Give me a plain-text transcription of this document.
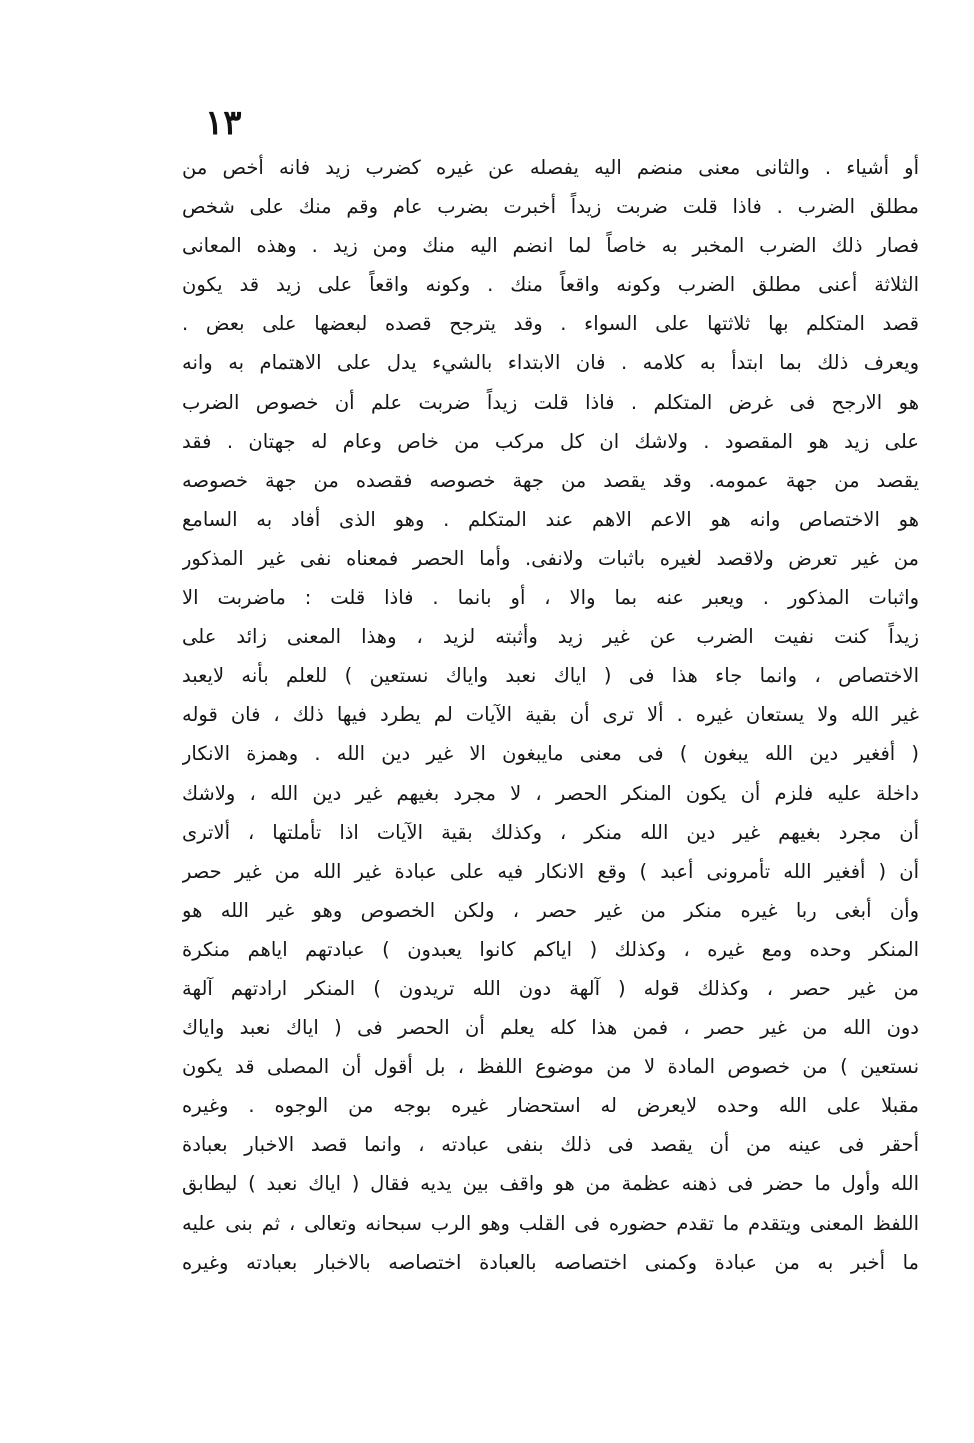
١٣
أو أشياء . والثانى معنى منضم اليه يفصله عن غيره كضرب زيد فانه أخص من
مطلق الضرب . فاذا قلت ضربت زيداً أخبرت بضرب عام وقم منك على شخص
فصار ذلك الضرب المخبر به خاصاً لما انضم اليه منك ومن زيد . وهذه المعانى
الثلاثة أعنى مطلق الضرب وكونه واقعاً منك . وكونه واقعاً على زيد قد يكون
قصد المتكلم بها ثلاثتها على السواء . وقد يترجح قصده لبعضها على بعض .
ويعرف ذلك بما ابتدأ به كلامه . فان الابتداء بالشيء يدل على الاهتمام به وانه
هو الارجح فى غرض المتكلم . فاذا قلت زيداً ضربت علم أن خصوص الضرب
على زيد هو المقصود . ولاشك ان كل مركب من خاص وعام له جهتان . فقد
يقصد من جهة عمومه. وقد يقصد من جهة خصوصه فقصده من جهة خصوصه
هو الاختصاص وانه هو الاعم الاهم عند المتكلم . وهو الذى أفاد به السامع
من غير تعرض ولاقصد لغيره باثبات ولانفى. وأما الحصر فمعناه نفى غير المذكور
واثبات المذكور . ويعبر عنه بما والا ، أو بانما . فاذا قلت : ماضربت الا
زيداً كنت نفيت الضرب عن غير زيد وأثبته لزيد ، وهذا المعنى زائد على
الاختصاص ، وانما جاء هذا فى ( اياك نعبد واياك نستعين ) للعلم بأنه لايعبد
غير الله ولا يستعان غيره . ألا ترى أن بقية الآيات لم يطرد فيها ذلك ، فان قوله
( أفغير دين الله يبغون ) فى معنى مايبغون الا غير دين الله . وهمزة الانكار
داخلة عليه فلزم أن يكون المنكر الحصر ، لا مجرد بغيهم غير دين الله ، ولاشك
أن مجرد بغيهم غير دين الله منكر ، وكذلك بقية الآيات اذا تأملتها ، ألاترى
أن ( أفغير الله تأمرونى أعبد ) وقع الانكار فيه على عبادة غير الله من غير حصر
وأن أبغى ربا غيره منكر من غير حصر ، ولكن الخصوص وهو غير الله هو
المنكر وحده ومع غيره ، وكذلك ( اياكم كانوا يعبدون ) عبادتهم اياهم منكرة
من غير حصر ، وكذلك قوله ( آلهة دون الله تريدون ) المنكر ارادتهم آلهة
دون الله من غير حصر ، فمن هذا كله يعلم أن الحصر فى ( اياك نعبد واياك
نستعين ) من خصوص المادة لا من موضوع اللفظ ، بل أقول أن المصلى قد يكون
مقبلا على الله وحده لايعرض له استحضار غيره بوجه من الوجوه . وغيره
أحقر فى عينه من أن يقصد فى ذلك بنفى عبادته ، وانما قصد الاخبار بعبادة
الله وأول ما حضر فى ذهنه عظمة من هو واقف بين يديه فقال ( اياك نعبد ) ليطابق
اللفظ المعنى ويتقدم ما تقدم حضوره فى القلب وهو الرب سبحانه وتعالى ، ثم بنى عليه
ما أخبر به من عبادة وكمنى اختصاصه بالعبادة اختصاصه بالاخبار بعبادته وغيره
